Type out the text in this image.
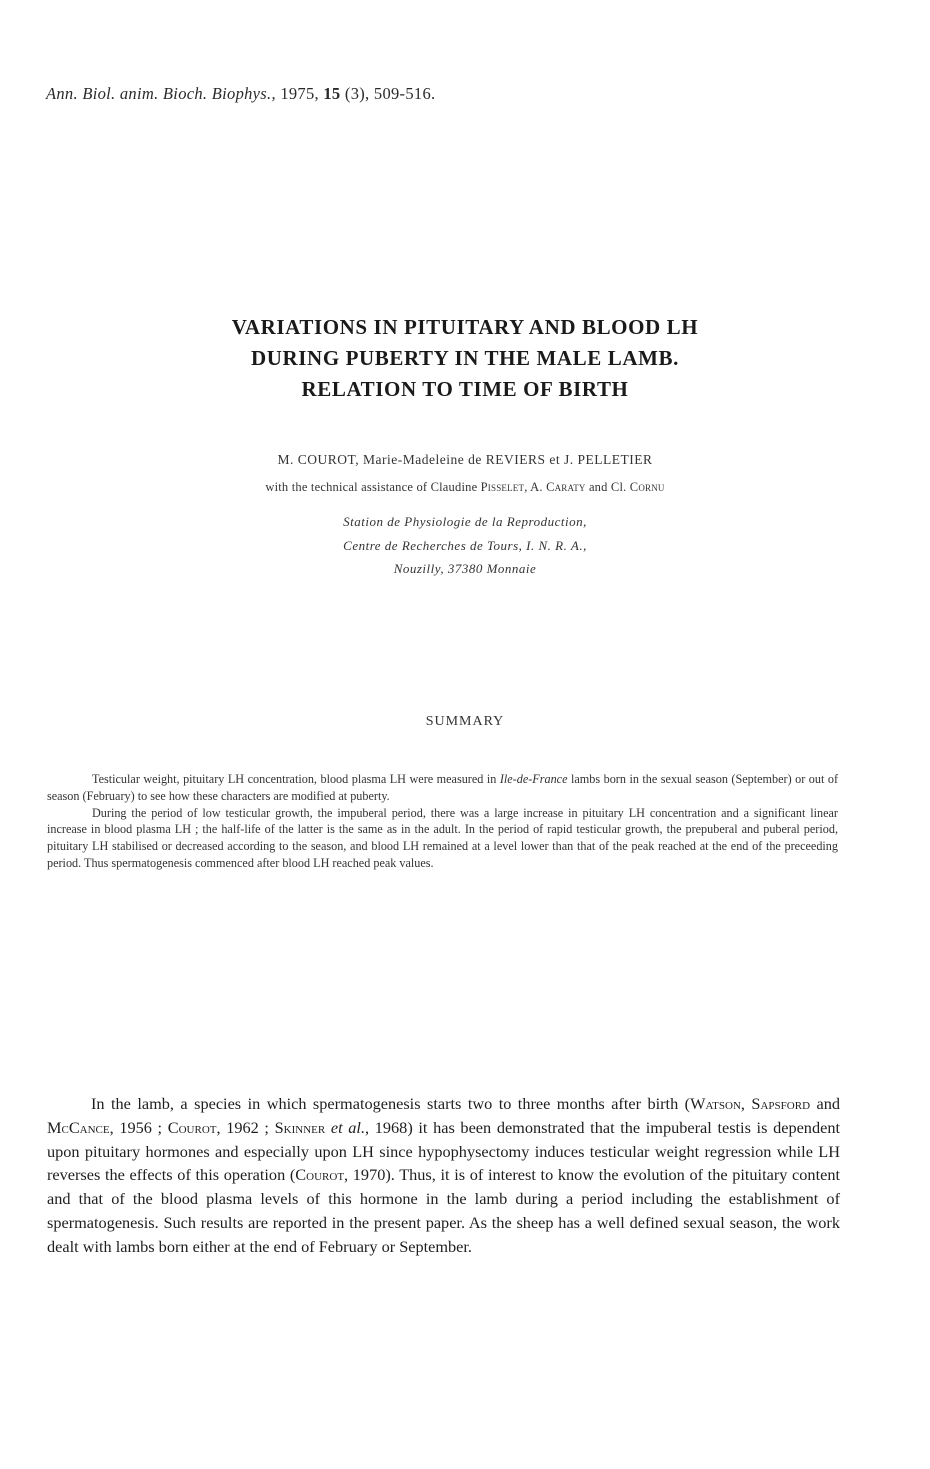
Ann. Biol. anim. Bioch. Biophys., 1975, 15 (3), 509-516.
VARIATIONS IN PITUITARY AND BLOOD LH
DURING PUBERTY IN THE MALE LAMB.
RELATION TO TIME OF BIRTH
M. COUROT, Marie-Madeleine de REVIERS et J. PELLETIER
with the technical assistance of Claudine Pisselet, A. Caraty and Cl. Cornu
Station de Physiologie de la Reproduction,
Centre de Recherches de Tours, I. N. R. A.,
Nouzilly, 37380 Monnaie
SUMMARY

Testicular weight, pituitary LH concentration, blood plasma LH were measured in Ile-de-France lambs born in the sexual season (September) or out of season (February) to see how these characters are modified at puberty.

During the period of low testicular growth, the impuberal period, there was a large increase in pituitary LH concentration and a significant linear increase in blood plasma LH ; the half-life of the latter is the same as in the adult. In the period of rapid testicular growth, the prepuberal and puberal period, pituitary LH stabilised or decreased according to the season, and blood LH remained at a level lower than that of the peak reached at the end of the preceeding period. Thus spermatogenesis commenced after blood LH reached peak values.

In the lamb, a species in which spermatogenesis starts two to three months after birth (Watson, Sapsford and McCance, 1956 ; Courot, 1962 ; Skinner et al., 1968) it has been demonstrated that the impuberal testis is dependent upon pituitary hormones and especially upon LH since hypophysectomy induces testicular weight regression while LH reverses the effects of this operation (Courot, 1970). Thus, it is of interest to know the evolution of the pituitary content and that of the blood plasma levels of this hormone in the lamb during a period including the establishment of spermatogenesis. Such results are reported in the present paper. As the sheep has a well defined sexual season, the work dealt with lambs born either at the end of February or September.
